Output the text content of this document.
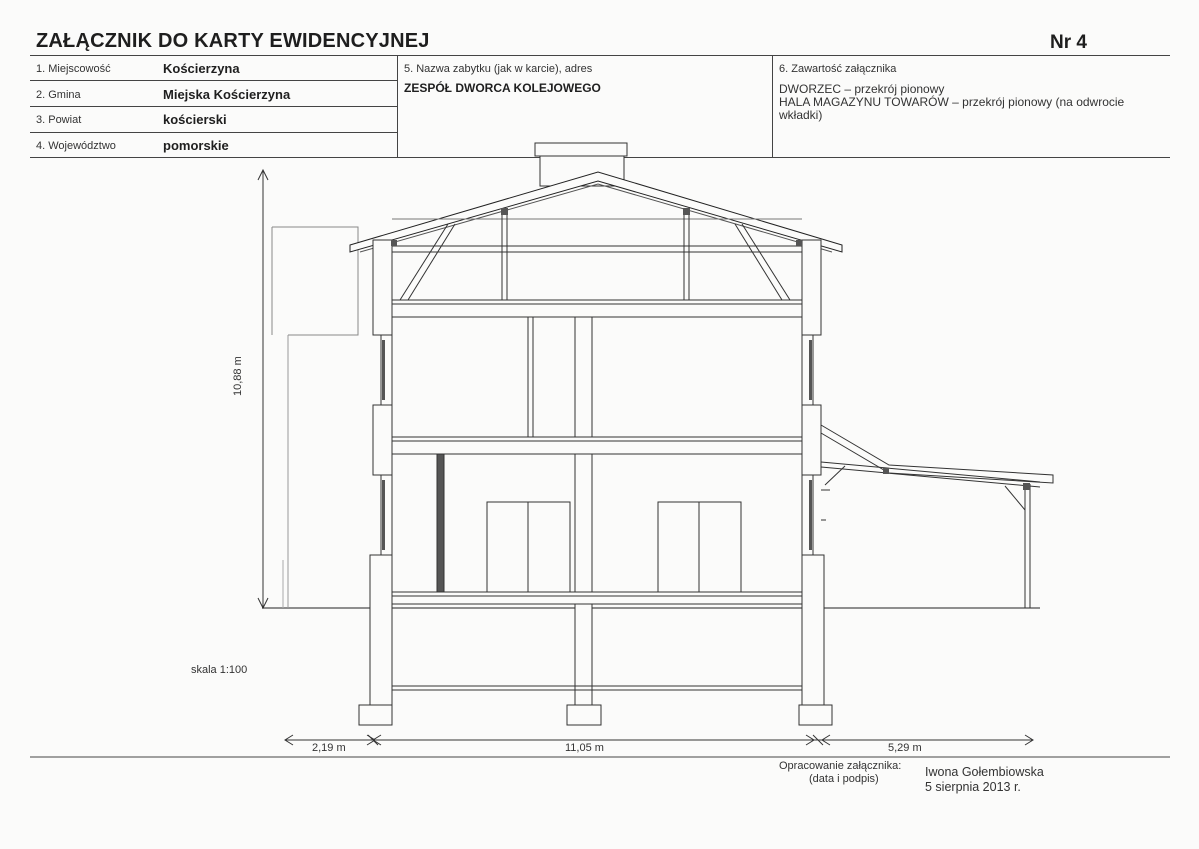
ZAŁĄCZNIK DO KARTY EWIDENCYJNEJ	Nr 4
1. Miejscowość	Kościerzyna
2. Gmina	Miejska Kościerzyna
3. Powiat	kościerski
4. Województwo	pomorskie
5. Nazwa zabytku (jak w karcie), adres
ZESPÓŁ DWORCA KOLEJOWEGO
6. Zawartość załącznika
DWORZEC – przekrój pionowy
HALA MAGAZYNU TOWARÓW – przekrój pionowy (na odwrocie
wkładki)
10,88 m
skala 1:100
2,19 m	11,05 m	5,29 m
Opracowanie załącznika:
(data i podpis)	Iwona Gołembiowska
5 sierpnia 2013 r.
